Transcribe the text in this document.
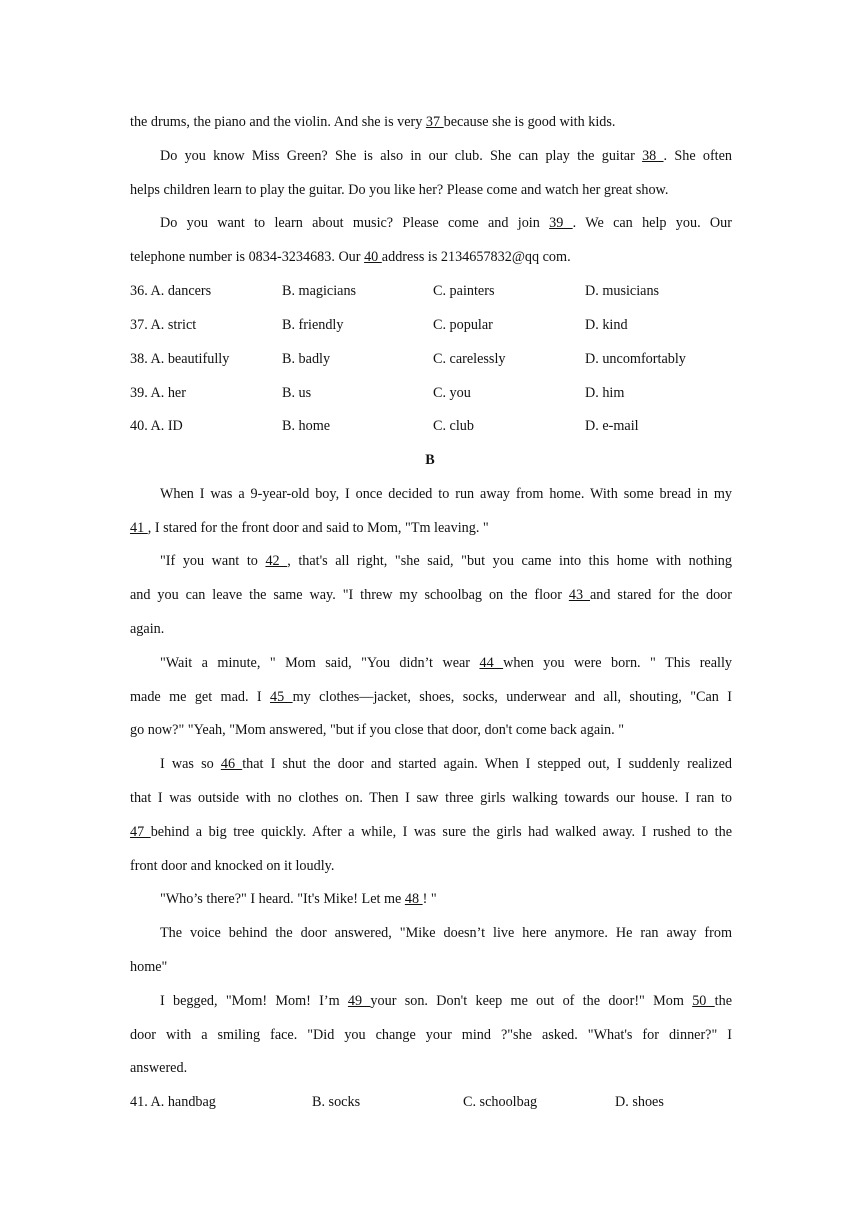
the drums, the piano and the violin. And she is very 37 because she is good with kids.
Do you know Miss Green? She is also in our club. She can play the guitar 38 . She often
helps children learn to play the guitar. Do you like her? Please come and watch her great show.
Do you want to learn about music? Please come and join 39 . We can help you. Our
telephone number is 0834-3234683. Our 40 address is 2134657832@qq com.
36. A. dancers	B. magicians	C. painters	D. musicians
37. A. strict	B. friendly	C. popular	D. kind
38. A. beautifully	B. badly	C. carelessly	D. uncomfortably
39. A. her	B. us	C. you	D. him
40. A. ID	B. home	C. club	D. e-mail
B
When I was a 9-year-old boy, I once decided to run away from home. With some bread in my
41 , I stared for the front door and said to Mom, "Tm leaving. "
"If you want to 42 , that's all right, "she said, "but you came into this home with nothing
and you can leave the same way. "I threw my schoolbag on the floor 43 and stared for the door
again.
"Wait a minute, " Mom said, "You didn’t wear 44 when you were born. " This really
made me get mad. I 45 my clothes—jacket, shoes, socks, underwear and all, shouting, "Can I
go now?" "Yeah, "Mom answered, "but if you close that door, don't come back again. "
I was so 46 that I shut the door and started again. When I stepped out, I suddenly realized
that I was outside with no clothes on. Then I saw three girls walking towards our house. I ran to
47 behind a big tree quickly. After a while, I was sure the girls had walked away. I rushed to the
front door and knocked on it loudly.
"Who’s there?" I heard. "It's Mike! Let me 48 ! "
The voice behind the door answered, "Mike doesn’t live here anymore. He ran away from
home"
I begged, "Mom! Mom! I’m 49 your son. Don't keep me out of the door!" Mom 50 the
door with a smiling face. "Did you change your mind ?"she asked. "What's for dinner?" I
answered.
41. A. handbag	B. socks	C. schoolbag	D. shoes
